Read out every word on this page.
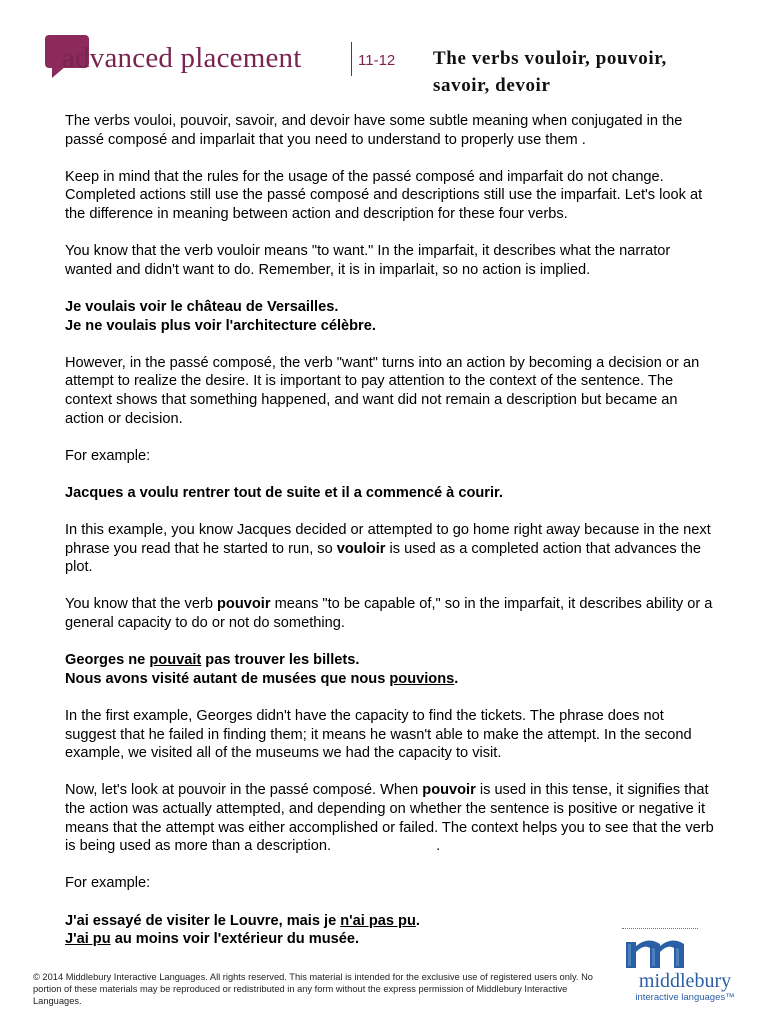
advanced placement	11-12 The verbs vouloir, pouvoir,
savoir, devoir

The verbs vouloi, pouvoir, savoir, and devoir have some subtle meaning when conjugated in the passé composé and imparlait that you need to understand to properly use them .

Keep in mind that the rules for the usage of the passé composé and imparfait do not change. Completed actions still use the passé composé and descriptions still use the imparfait. Let's look at the difference in meaning between action and description for these four verbs.

You know that the verb vouloir means "to want." In the imparfait, it describes what the narrator wanted and didn't want to do. Remember, it is in imparlait, so no action is implied.

Je voulais voir le château de Versailles.
Je ne voulais plus voir l'architecture célèbre.

However, in the passé composé, the verb "want" turns into an action by becoming a decision or an attempt to realize the desire. It is important to pay attention to the context of the sentence. The context shows that something happened, and want did not remain a description but became an action or decision.

For example:

Jacques a voulu rentrer tout de suite et il a commencé à courir.

In this example, you know Jacques decided or attempted to go home right away because in the next phrase you read that he started to run, so vouloir is used as a completed action that advances the plot.

You know that the verb pouvoir means "to be capable of," so in the imparfait, it describes ability or a general capacity to do or not do something.

Georges ne pouvait pas trouver les billets.
Nous avons visité autant de musées que nous pouvions.

In the first example, Georges didn't have the capacity to find the tickets. The phrase does not suggest that he failed in finding them; it means he wasn't able to make the attempt. In the second example, we visited all of the museums we had the capacity to visit.

Now, let's look at pouvoir in the passé composé. When pouvoir is used in this tense, it signifies that the action was actually attempted, and depending on whether the sentence is positive or negative it means that the attempt was either accomplished or failed. The context helps you to see that the verb is being used as more than a description.	.

For example:

J'ai essayé de visiter le Louvre, mais je n'ai pas pu.
J'ai pu au moins voir l'extérieur du musée.

© 2014 Middlebury Interactive Languages. All rights reserved. This material is intended for the exclusive use of registered users only. No portion of these materials may be reproduced or redistributed in any form without the express permission of Middlebury Interactive Languages.
middlebury
interactive languages™
